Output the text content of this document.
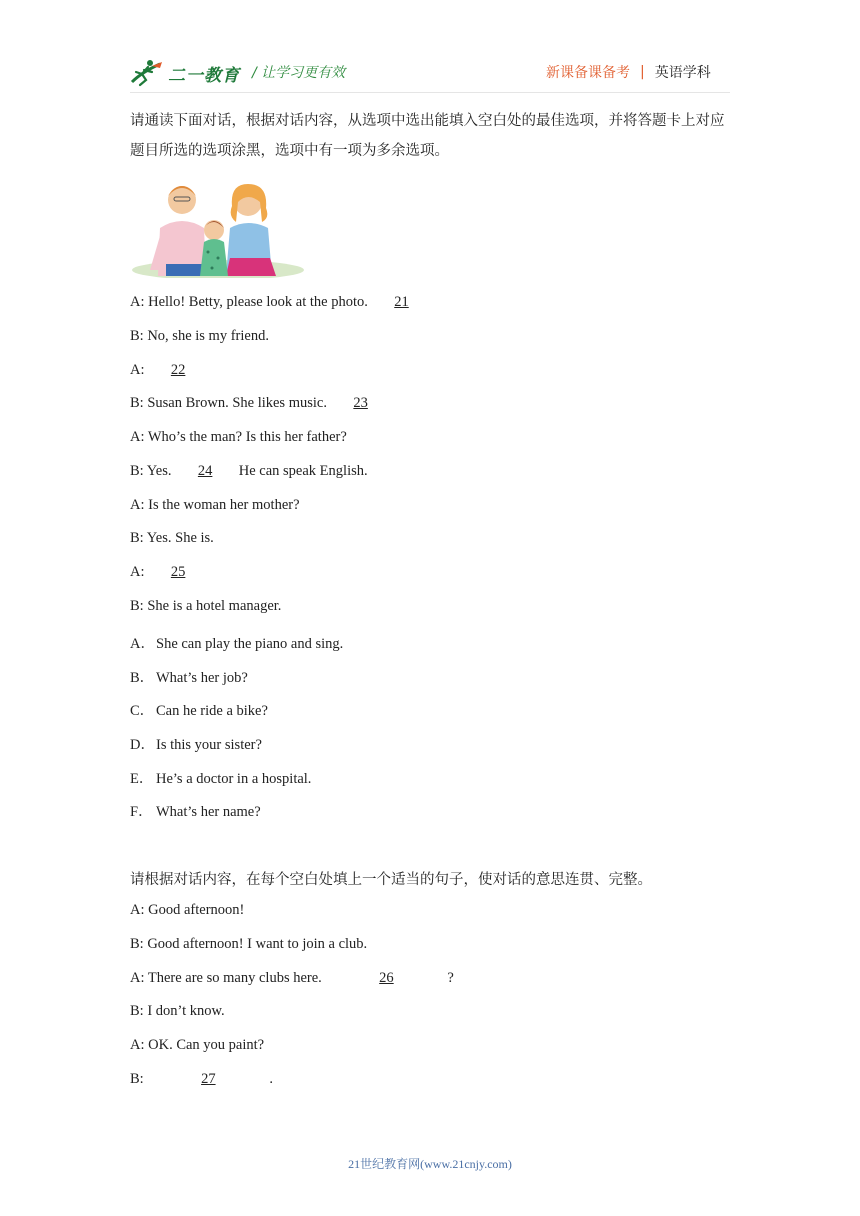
二一教育 / 让学习更有效	新课备课备考 | 英语学科
请通读下面对话，根据对话内容，从选项中选出能填入空白处的最佳选项，并将答题卡上对应题目所选的选项涂黑，选项中有一项为多余选项。
A: Hello! Betty, please look at the photo. 21
B: No, she is my friend.
A: 22
B: Susan Brown. She likes music. 23
A: Who’s the man? Is this her father?
B: Yes. 24 He can speak English.
A: Is the woman her mother?
B: Yes. She is.
A: 25
B: She is a hotel manager.
A．She can play the piano and sing.
B． What’s her job?
C． Can he ride a bike?
D．Is this your sister?
E． He’s a doctor in a hospital.
F． What’s her name?
请根据对话内容，在每个空白处填上一个适当的句子，使对话的意思连贯、完整。
A: Good afternoon!
B: Good afternoon! I want to join a club.
A: There are so many clubs here.	26	?
B: I don’t know.
A: OK. Can you paint?
B:	27	.
21世纪教育网(www.21cnjy.com)
